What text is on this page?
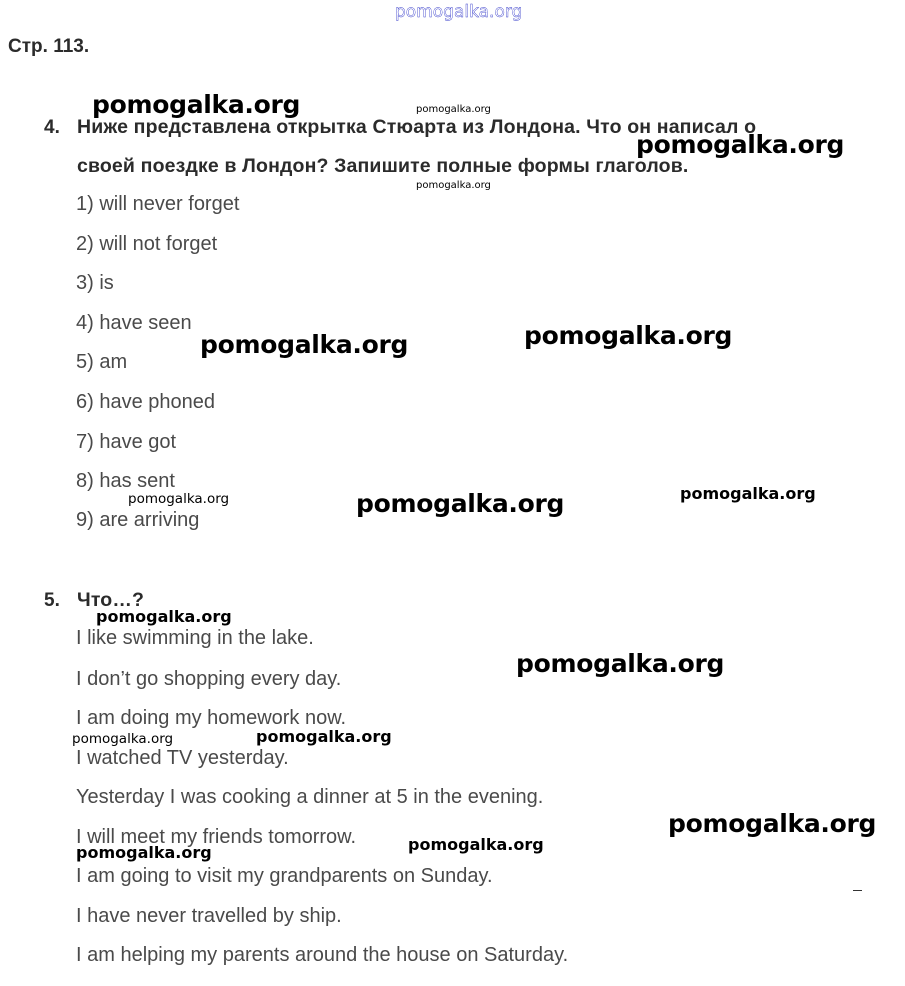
pomogalka.org
Стр. 113.
4. Ниже представлена открытка Стюарта из Лондона. Что он написал о
своей поездке в Лондон? Запишите полные формы глаголов.
1) will never forget
2) will not forget
3) is
4) have seen
5) am
6) have phoned
7) have got
8) has sent
9) are arriving
5. Что…?
I like swimming in the lake.
I don’t go shopping every day.
I am doing my homework now.
I watched TV yesterday.
Yesterday I was cooking a dinner at 5 in the evening.
I will meet my friends tomorrow.
I am going to visit my grandparents on Sunday.
I have never travelled by ship.
I am helping my parents around the house on Saturday.
pomogalka.org	pomogalka.org
pomogalka.org
pomogalka.org
pomogalka.org
pomogalka.org
pomogalka.org
pomogalka.org	pomogalka.org
pomogalka.org
pomogalka.org
pomogalka.org	pomogalka.org
pomogalka.org
pomogalka.org
pomogalka.org
